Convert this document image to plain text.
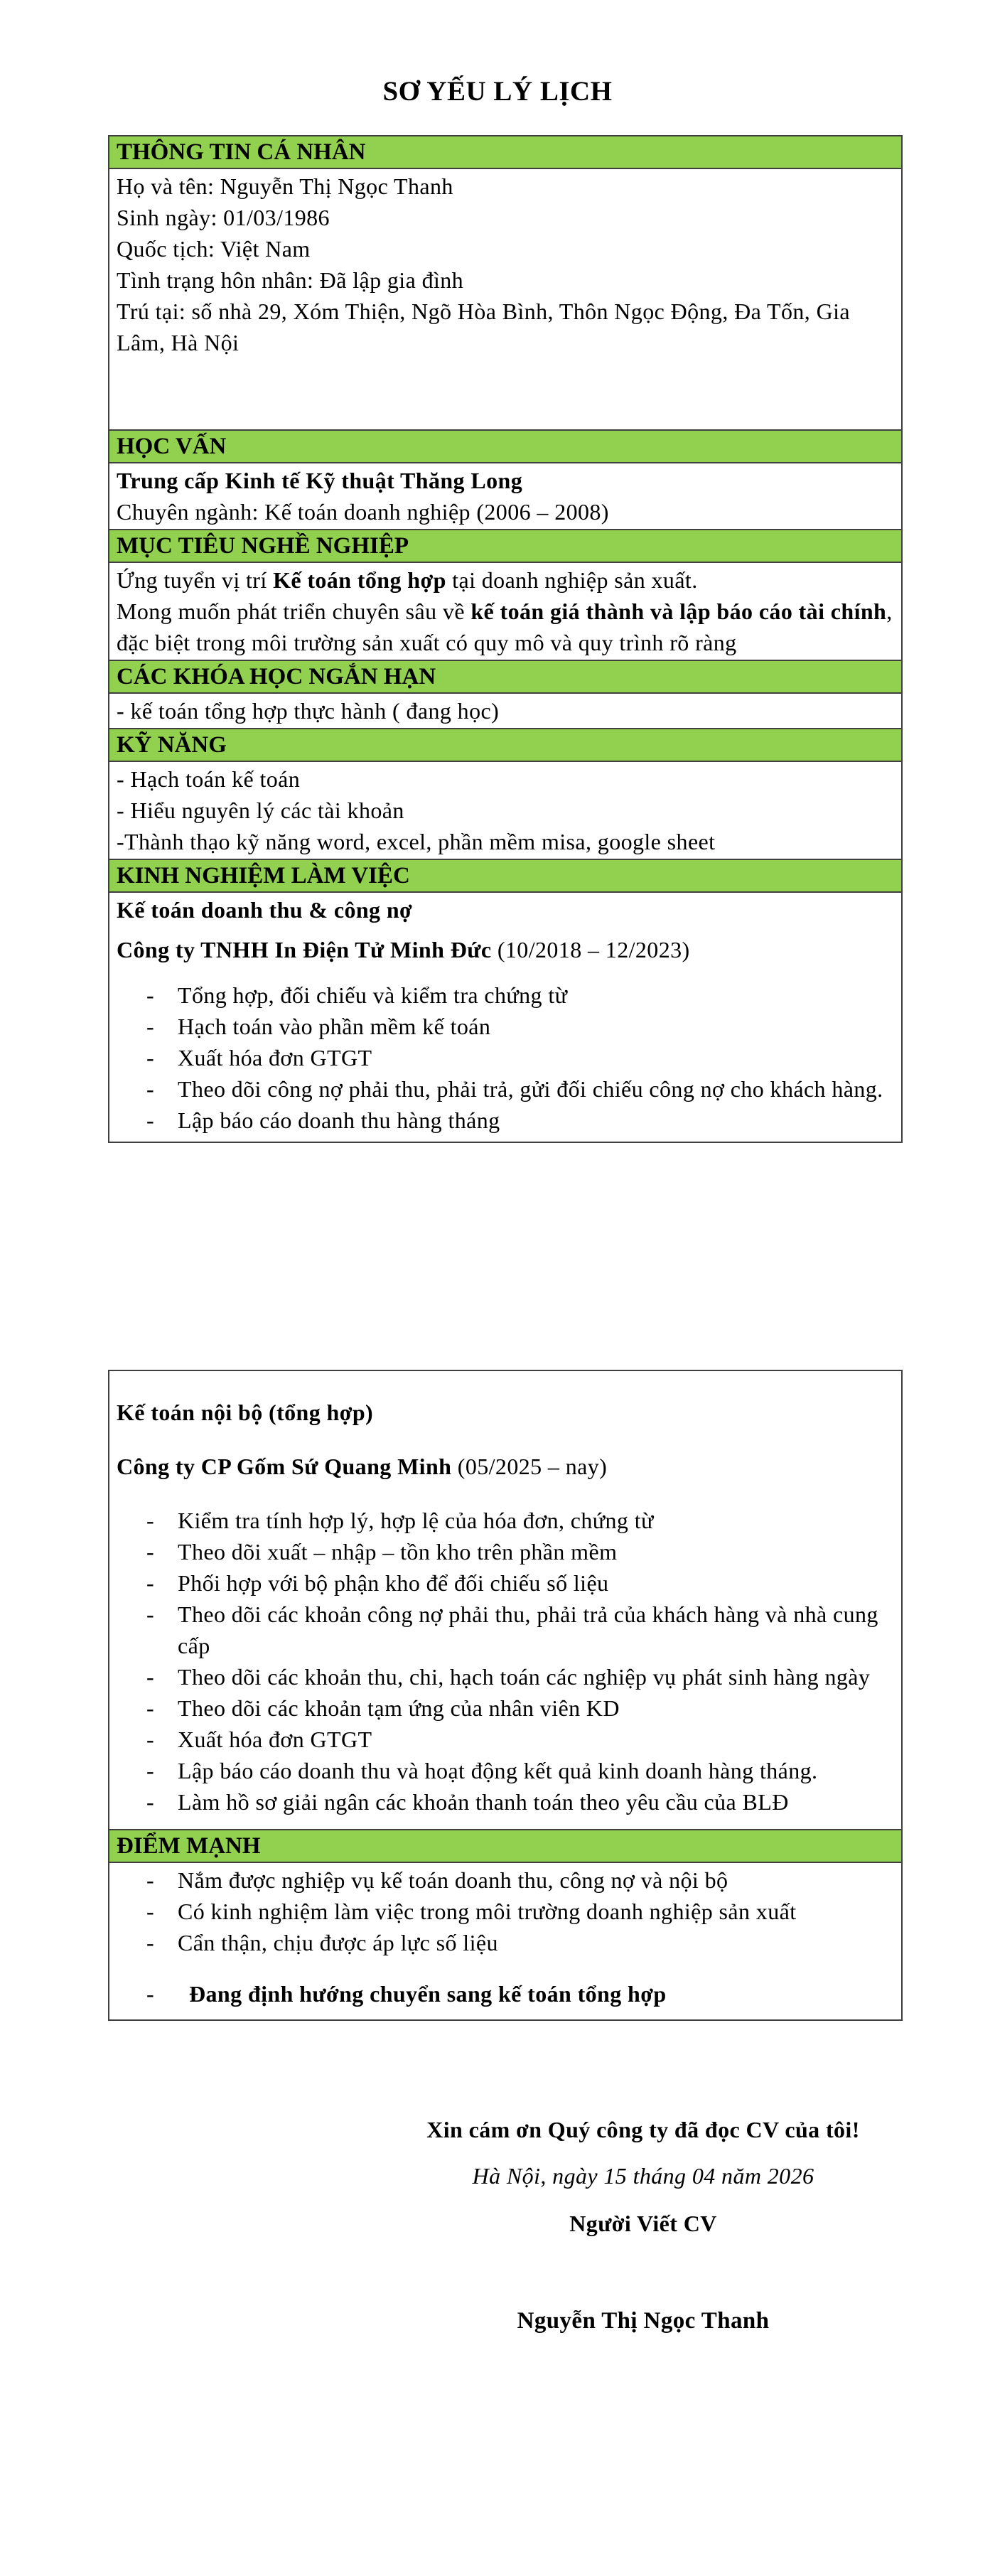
SƠ YẾU LÝ LỊCH
THÔNG TIN CÁ NHÂN
Họ và tên: Nguyễn Thị Ngọc Thanh
Sinh ngày: 01/03/1986
Quốc tịch: Việt Nam
Tình trạng hôn nhân: Đã lập gia đình
Trú tại: số nhà 29, Xóm Thiện, Ngõ Hòa Bình, Thôn Ngọc Động, Đa Tốn, Gia Lâm, Hà Nội
HỌC VẤN
Trung cấp Kinh tế Kỹ thuật Thăng Long
Chuyên ngành: Kế toán doanh nghiệp (2006 – 2008)
MỤC TIÊU NGHỀ NGHIỆP
Ứng tuyển vị trí Kế toán tổng hợp tại doanh nghiệp sản xuất.
Mong muốn phát triển chuyên sâu về kế toán giá thành và lập báo cáo tài chính, đặc biệt trong môi trường sản xuất có quy mô và quy trình rõ ràng
CÁC KHÓA HỌC NGẮN HẠN
- kế toán tổng hợp thực hành ( đang học)
KỸ NĂNG
- Hạch toán kế toán
- Hiểu nguyên lý các tài khoản
-Thành thạo kỹ năng word, excel, phần mềm misa, google sheet
KINH NGHIỆM LÀM VIỆC
Kế toán doanh thu & công nợ
Công ty TNHH In Điện Tử Minh Đức (10/2018 – 12/2023)
- Tổng hợp, đối chiếu và kiểm tra chứng từ
- Hạch toán vào phần mềm kế toán
- Xuất hóa đơn GTGT
- Theo dõi công nợ phải thu, phải trả, gửi đối chiếu công nợ cho khách hàng.
- Lập báo cáo doanh thu hàng tháng
Kế toán nội bộ (tổng hợp)
Công ty CP Gốm Sứ Quang Minh (05/2025 – nay)
- Kiểm tra tính hợp lý, hợp lệ của hóa đơn, chứng từ
- Theo dõi xuất – nhập – tồn kho trên phần mềm
- Phối hợp với bộ phận kho để đối chiếu số liệu
- Theo dõi các khoản công nợ phải thu, phải trả của khách hàng và nhà cung cấp
- Theo dõi các khoản thu, chi, hạch toán các nghiệp vụ phát sinh hàng ngày
- Theo dõi các khoản tạm ứng của nhân viên KD
- Xuất hóa đơn GTGT
- Lập báo cáo doanh thu và hoạt động kết quả kinh doanh hàng tháng.
- Làm hồ sơ giải ngân các khoản thanh toán theo yêu cầu của BLĐ
ĐIỂM MẠNH
- Nắm được nghiệp vụ kế toán doanh thu, công nợ và nội bộ
- Có kinh nghiệm làm việc trong môi trường doanh nghiệp sản xuất
- Cẩn thận, chịu được áp lực số liệu
- Đang định hướng chuyển sang kế toán tổng hợp
Xin cám ơn Quý công ty đã đọc CV của tôi!
Hà Nội, ngày 15 tháng 04 năm 2026
Người Viết CV
Nguyễn Thị Ngọc Thanh
